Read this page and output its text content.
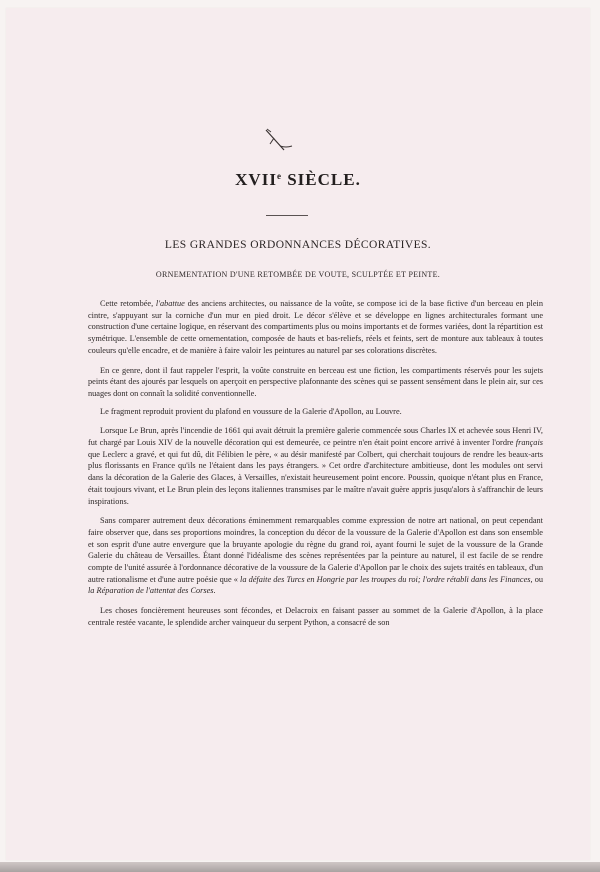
XVIIe SIÈCLE.
LES GRANDES ORDONNANCES DÉCORATIVES.
ORNEMENTATION D'UNE RETOMBÉE DE VOUTE, SCULPTÉE ET PEINTE.

Cette retombée, l'abattue des anciens architectes, ou naissance de la voûte, se compose ici de la base fictive d'un berceau en plein cintre, s'appuyant sur la corniche d'un mur en pied droit. Le décor s'élève et se développe en lignes architecturales formant une construction d'une certaine logique, en réservant des compartiments plus ou moins importants et de formes variées, dont la répartition est symétrique. L'ensemble de cette ornementation, composée de hauts et bas-reliefs, réels et feints, sert de monture aux tableaux à toutes couleurs qu'elle encadre, et de manière à faire valoir les peintures au naturel par ses colorations discrètes.

En ce genre, dont il faut rappeler l'esprit, la voûte construite en berceau est une fiction, les compartiments réservés pour les sujets peints étant des ajourés par lesquels on aperçoit en perspective plafonnante des scènes qui se passent sensément dans le plein air, sur ces nuages dont on connaît la solidité conventionnelle.

Le fragment reproduit provient du plafond en voussure de la Galerie d'Apollon, au Louvre.

Lorsque Le Brun, après l'incendie de 1661 qui avait détruit la première galerie commencée sous Charles IX et achevée sous Henri IV, fut chargé par Louis XIV de la nouvelle décoration qui est demeurée, ce peintre n'en était point encore arrivé à inventer l'ordre français que Leclerc a gravé, et qui fut dû, dit Félibien le père, « au désir manifesté par Colbert, qui cherchait toujours de rendre les beaux-arts plus florissants en France qu'ils ne l'étaient dans les pays étrangers. » Cet ordre d'architecture ambitieuse, dont les modules ont servi dans la décoration de la Galerie des Glaces, à Versailles, n'existait heureusement point encore. Poussin, quoique n'étant plus en France, était toujours vivant, et Le Brun plein des leçons italiennes transmises par le maître n'avait guère appris jusqu'alors à s'affranchir de leurs inspirations.

Sans comparer autrement deux décorations éminemment remarquables comme expression de notre art national, on peut cependant faire observer que, dans ses proportions moindres, la conception du décor de la voussure de la Galerie d'Apollon est dans son ensemble et son esprit d'une autre envergure que la bruyante apologie du règne du grand roi, ayant fourni le sujet de la voussure de la Grande Galerie du château de Versailles. Étant donné l'idéalisme des scènes représentées par la peinture au naturel, il est facile de se rendre compte de l'unité assurée à l'ordonnance décorative de la voussure de la Galerie d'Apollon par le choix des sujets traités en tableaux, d'un autre rationalisme et d'une autre poésie que « la défaite des Turcs en Hongrie par les troupes du roi; l'ordre rétabli dans les Finances, ou la Réparation de l'attentat des Corses.

Les choses foncièrement heureuses sont fécondes, et Delacroix en faisant passer au sommet de la Galerie d'Apollon, à la place centrale restée vacante, le splendide archer vainqueur du serpent Python, a consacré de son
